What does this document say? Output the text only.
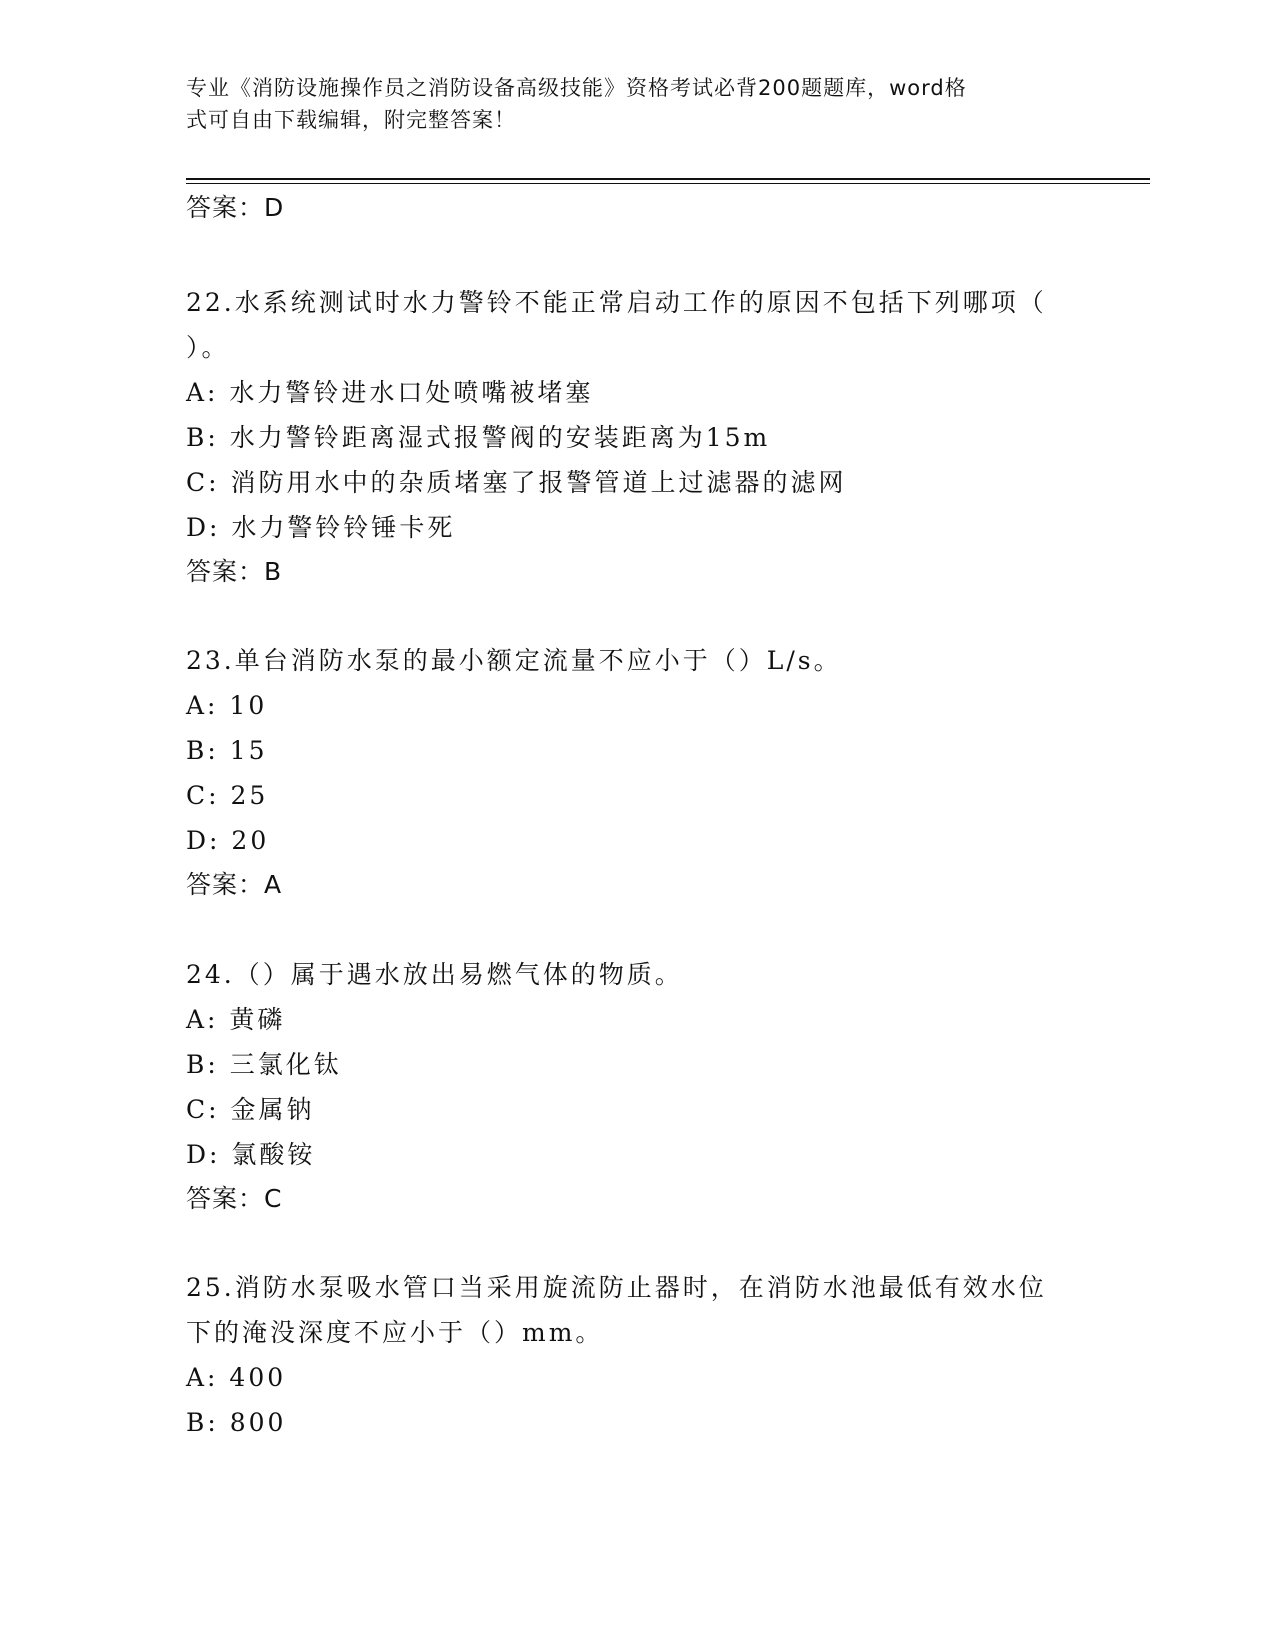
专业《消防设施操作员之消防设备高级技能》资格考试必背200题题库，word格
式可自由下载编辑，附完整答案！
答案：D
22.水系统测试时水力警铃不能正常启动工作的原因不包括下列哪项（
）。
A: 水力警铃进水口处喷嘴被堵塞
B: 水力警铃距离湿式报警阀的安装距离为15m
C: 消防用水中的杂质堵塞了报警管道上过滤器的滤网
D: 水力警铃铃锤卡死
答案：B
23.单台消防水泵的最小额定流量不应小于（）L/s。
A: 10
B: 15
C: 25
D: 20
答案：A
24.（）属于遇水放出易燃气体的物质。
A: 黄磷
B: 三氯化钛
C: 金属钠
D: 氯酸铵
答案：C
25.消防水泵吸水管口当采用旋流防止器时，在消防水池最低有效水位
下的淹没深度不应小于（）mm。
A: 400
B: 800
